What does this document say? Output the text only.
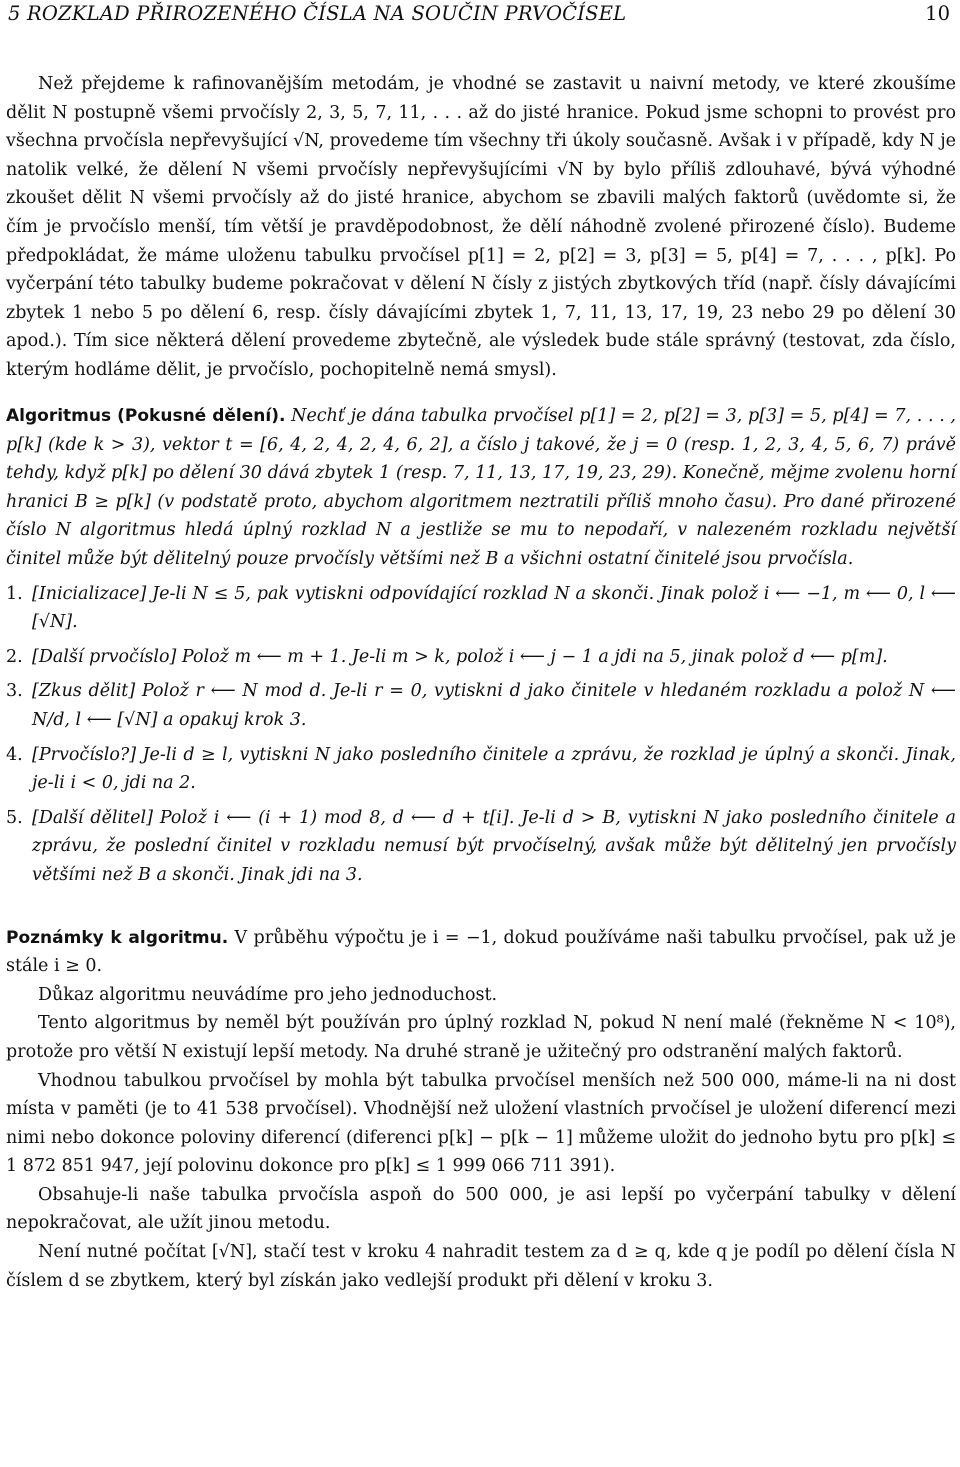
5 ROZKLAD PŘIROZENÉHO ČÍSLA NA SOUČIN PRVOČÍSEL	10

Než přejdeme k rafinovanějším metodám, je vhodné se zastavit u naivní metody, ve které zkoušíme dělit N postupně všemi prvočísly 2, 3, 5, 7, 11, . . . až do jisté hranice. Pokud jsme schopni to provést pro všechna prvočísla nepřevyšující √N, provedeme tím všechny tři úkoly současně. Avšak i v případě, kdy N je natolik velké, že dělení N všemi prvočísly nepřevyšujícími √N by bylo příliš zdlouhavé, bývá výhodné zkoušet dělit N všemi prvočísly až do jisté hranice, abychom se zbavili malých faktorů (uvědomte si, že čím je prvočíslo menší, tím větší je pravděpodobnost, že dělí náhodně zvolené přirozené číslo). Budeme předpokládat, že máme uloženu tabulku prvočísel p[1] = 2, p[2] = 3, p[3] = 5, p[4] = 7, . . . , p[k]. Po vyčerpání této tabulky budeme pokračovat v dělení N čísly z jistých zbytkových tříd (např. čísly dávajícími zbytek 1 nebo 5 po dělení 6, resp. čísly dávajícími zbytek 1, 7, 11, 13, 17, 19, 23 nebo 29 po dělení 30 apod.). Tím sice některá dělení provedeme zbytečně, ale výsledek bude stále správný (testovat, zda číslo, kterým hodláme dělit, je prvočíslo, pochopitelně nemá smysl).

Algoritmus (Pokusné dělení). Nechť je dána tabulka prvočísel p[1] = 2, p[2] = 3, p[3] = 5, p[4] = 7, . . . , p[k] (kde k > 3), vektor t = [6, 4, 2, 4, 2, 4, 6, 2], a číslo j takové, že j = 0 (resp. 1, 2, 3, 4, 5, 6, 7) právě tehdy, když p[k] po dělení 30 dává zbytek 1 (resp. 7, 11, 13, 17, 19, 23, 29). Konečně, mějme zvolenu horní hranici B ≥ p[k] (v podstatě proto, abychom algoritmem neztratili příliš mnoho času). Pro dané přirozené číslo N algoritmus hledá úplný rozklad N a jestliže se mu to nepodaří, v nalezeném rozkladu největší činitel může být dělitelný pouze prvočísly většími než B a všichni ostatní činitelé jsou prvočísla.
1. [Inicializace] Je-li N ≤ 5, pak vytiskni odpovídající rozklad N a skonči. Jinak polož i ⟵ −1, m ⟵ 0, l ⟵ [√N].
2. [Další prvočíslo] Polož m ⟵ m + 1. Je-li m > k, polož i ⟵ j − 1 a jdi na 5, jinak polož d ⟵ p[m].
3. [Zkus dělit] Polož r ⟵ N mod d. Je-li r = 0, vytiskni d jako činitele v hledaném rozkladu a polož N ⟵ N/d, l ⟵ [√N] a opakuj krok 3.
4. [Prvočíslo?] Je-li d ≥ l, vytiskni N jako posledního činitele a zprávu, že rozklad je úplný a skonči. Jinak, je-li i < 0, jdi na 2.
5. [Další dělitel] Polož i ⟵ (i + 1) mod 8, d ⟵ d + t[i]. Je-li d > B, vytiskni N jako posledního činitele a zprávu, že poslední činitel v rozkladu nemusí být prvočíselný, avšak může být dělitelný jen prvočísly většími než B a skonči. Jinak jdi na 3.

Poznámky k algoritmu. V průběhu výpočtu je i = −1, dokud používáme naši tabulku prvočísel, pak už je stále i ≥ 0.

Důkaz algoritmu neuvádíme pro jeho jednoduchost.

Tento algoritmus by neměl být používán pro úplný rozklad N, pokud N není malé (řekněme N < 10⁸), protože pro větší N existují lepší metody. Na druhé straně je užitečný pro odstranění malých faktorů.

Vhodnou tabulkou prvočísel by mohla být tabulka prvočísel menších než 500 000, máme-li na ni dost místa v paměti (je to 41 538 prvočísel). Vhodnější než uložení vlastních prvočísel je uložení diferencí mezi nimi nebo dokonce poloviny diferencí (diferenci p[k] − p[k − 1] můžeme uložit do jednoho bytu pro p[k] ≤ 1 872 851 947, její polovinu dokonce pro p[k] ≤ 1 999 066 711 391).

Obsahuje-li naše tabulka prvočísla aspoň do 500 000, je asi lepší po vyčerpání tabulky v dělení nepokračovat, ale užít jinou metodu.

Není nutné počítat [√N], stačí test v kroku 4 nahradit testem za d ≥ q, kde q je podíl po dělení čísla N číslem d se zbytkem, který byl získán jako vedlejší produkt při dělení v kroku 3.
